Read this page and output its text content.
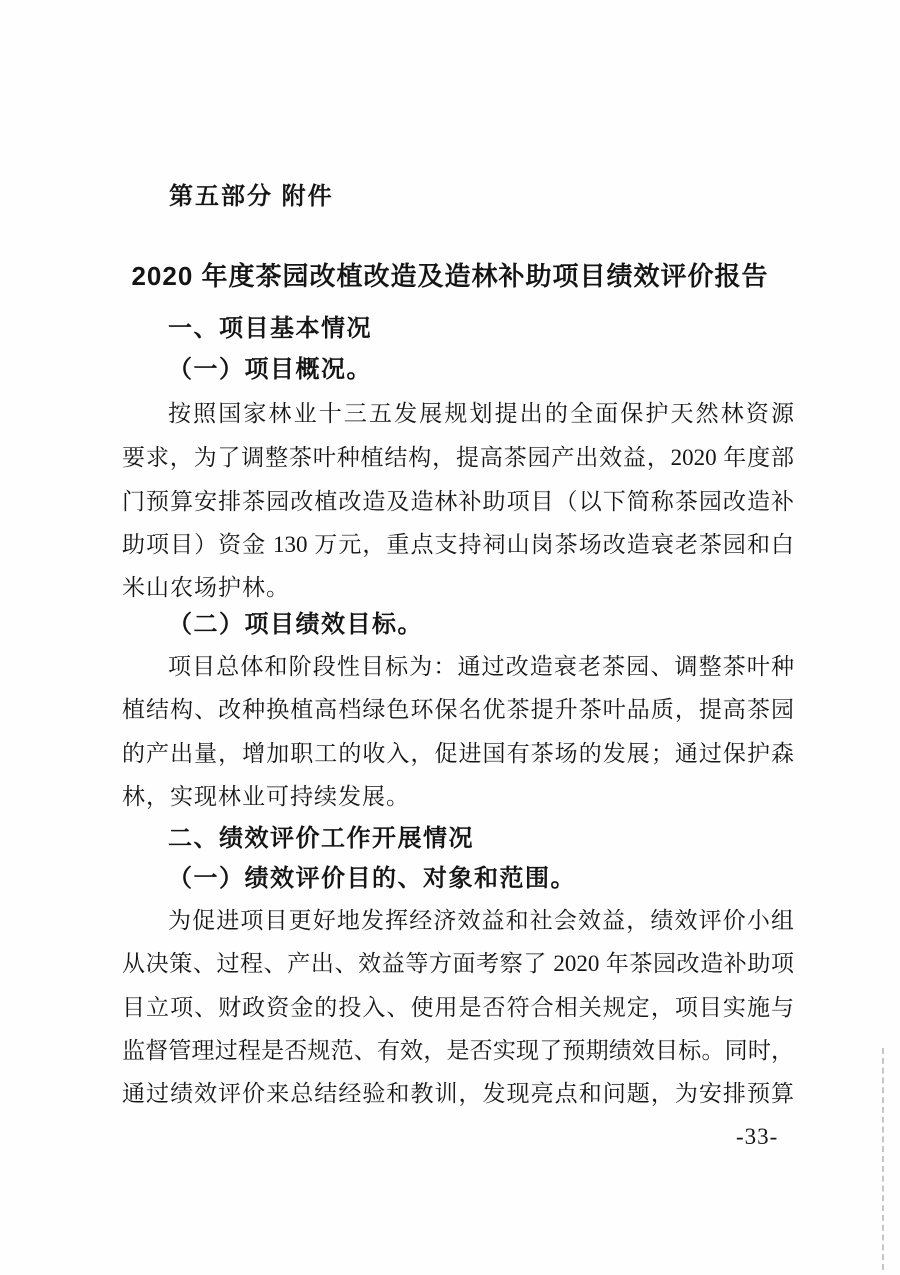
第五部分 附件
2020 年度茶园改植改造及造林补助项目绩效评价报告
一、项目基本情况
（一）项目概况。
按照国家林业十三五发展规划提出的全面保护天然林资源
要求，为了调整茶叶种植结构，提高茶园产出效益，2020 年度部
门预算安排茶园改植改造及造林补助项目（以下简称茶园改造补
助项目）资金 130 万元，重点支持祠山岗茶场改造衰老茶园和白
米山农场护林。
（二）项目绩效目标。
项目总体和阶段性目标为：通过改造衰老茶园、调整茶叶种
植结构、改种换植高档绿色环保名优茶提升茶叶品质，提高茶园
的产出量，增加职工的收入，促进国有茶场的发展；通过保护森
林，实现林业可持续发展。
二、绩效评价工作开展情况
（一）绩效评价目的、对象和范围。
为促进项目更好地发挥经济效益和社会效益，绩效评价小组
从决策、过程、产出、效益等方面考察了 2020 年茶园改造补助项
目立项、财政资金的投入、使用是否符合相关规定，项目实施与
监督管理过程是否规范、有效，是否实现了预期绩效目标。同时，
通过绩效评价来总结经验和教训，发现亮点和问题，为安排预算
-33-
